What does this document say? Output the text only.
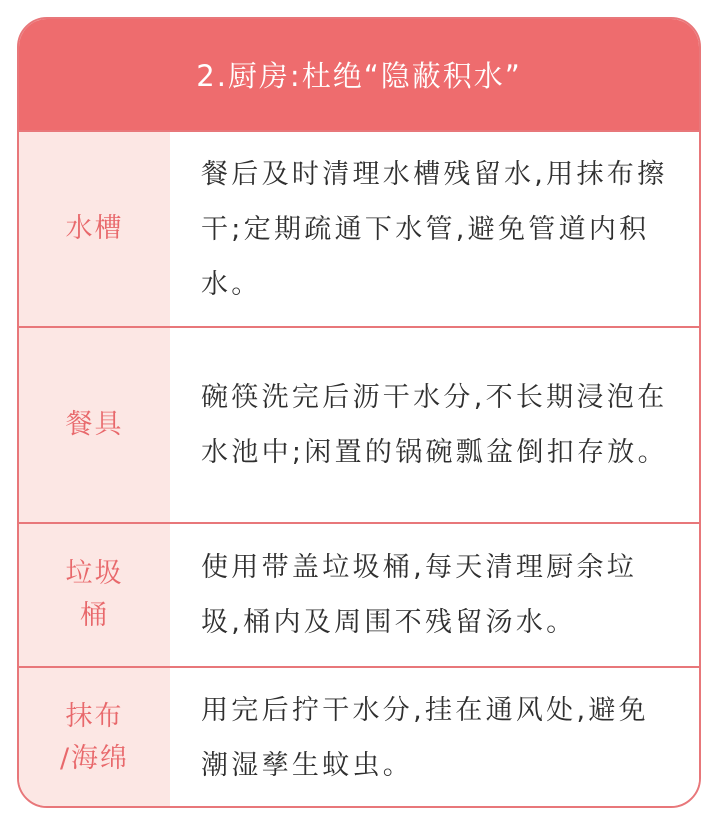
2.厨房:杜绝“隐蔽积水”
水槽
餐后及时清理水槽残留水,用抹布擦干;定期疏通下水管,避免管道内积水。
餐具
碗筷洗完后沥干水分,不长期浸泡在水池中;闲置的锅碗瓢盆倒扣存放。
垃圾
桶
使用带盖垃圾桶,每天清理厨余垃圾,桶内及周围不残留汤水。
抹布
/海绵
用完后拧干水分,挂在通风处,避免潮湿孳生蚊虫。
